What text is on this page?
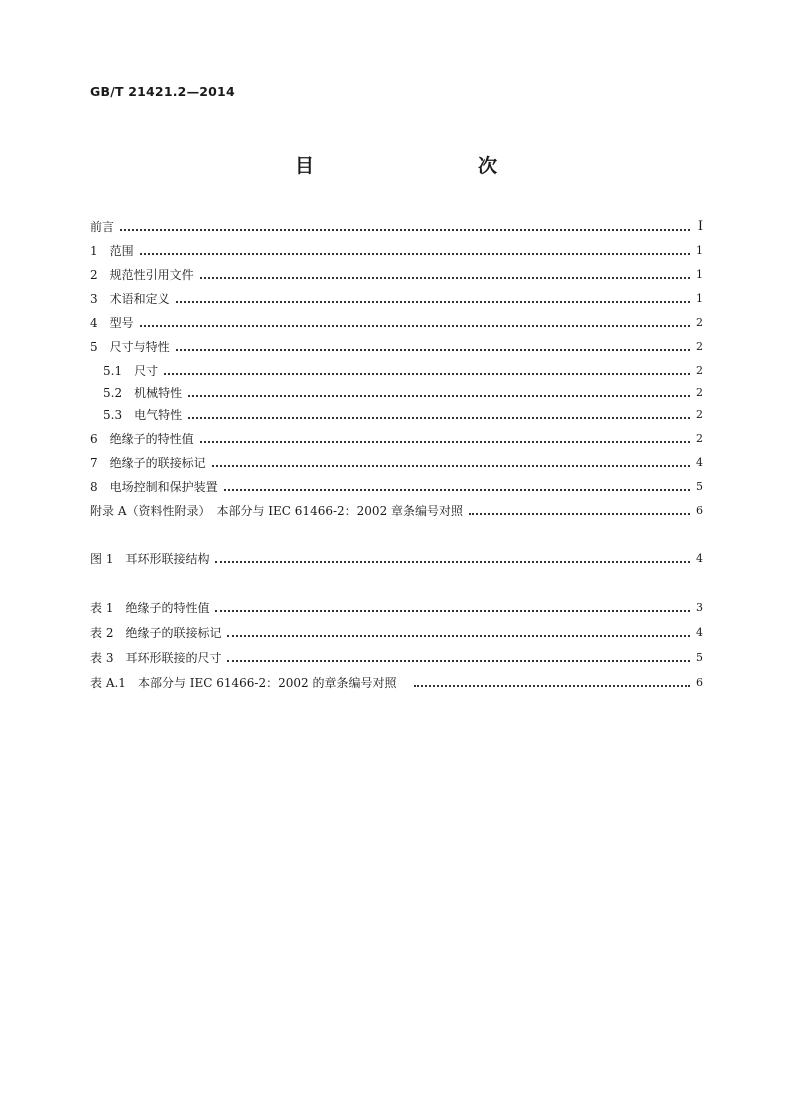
GB/T 21421.2—2014
目　　次
前言	Ⅰ
1 范围	1
2 规范性引用文件	1
3 术语和定义	1
4 型号	2
5 尺寸与特性	2
5.1 尺寸	2
5.2 机械特性	2
5.3 电气特性	2
6 绝缘子的特性值	2
7 绝缘子的联接标记	4
8 电场控制和保护装置	5
附录 A （资料性附录）　本部分与 IEC 61466-2：2002 章条编号对照	6
图 1 耳环形联接结构	4
表 1 绝缘子的特性值	3
表 2 绝缘子的联接标记	4
表 3 耳环形联接的尺寸	5
表 A.1 本部分与 IEC 61466-2：2002 的章条编号对照	6
